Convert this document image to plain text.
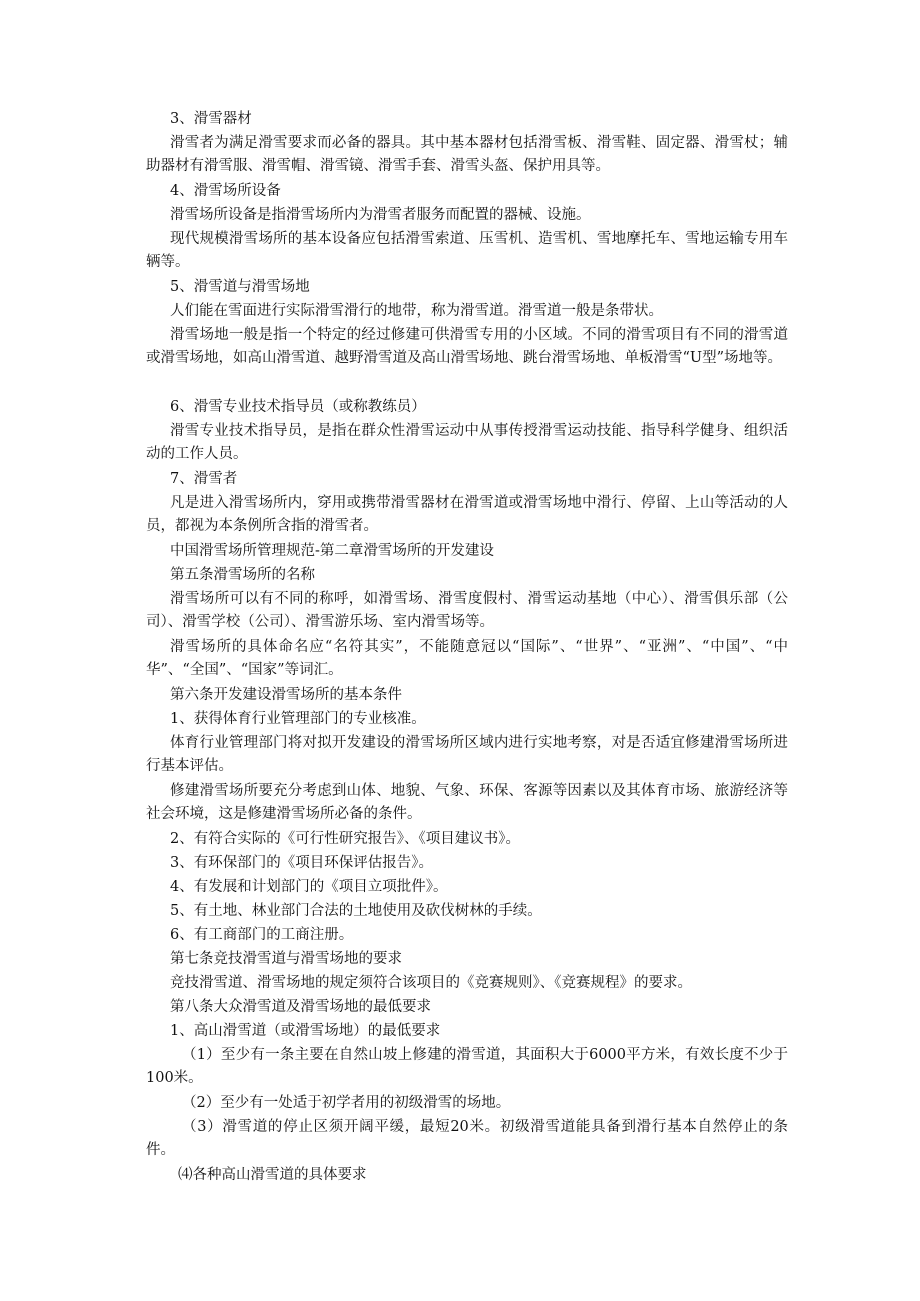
3、滑雪器材

滑雪者为满足滑雪要求而必备的器具。其中基本器材包括滑雪板、滑雪鞋、固定器、滑雪杖；辅助器材有滑雪服、滑雪帽、滑雪镜、滑雪手套、滑雪头盔、保护用具等。

4、滑雪场所设备

滑雪场所设备是指滑雪场所内为滑雪者服务而配置的器械、设施。

现代规模滑雪场所的基本设备应包括滑雪索道、压雪机、造雪机、雪地摩托车、雪地运输专用车辆等。

5、滑雪道与滑雪场地

人们能在雪面进行实际滑雪滑行的地带，称为滑雪道。滑雪道一般是条带状。

滑雪场地一般是指一个特定的经过修建可供滑雪专用的小区域。不同的滑雪项目有不同的滑雪道或滑雪场地，如高山滑雪道、越野滑雪道及高山滑雪场地、跳台滑雪场地、单板滑雪“U型”场地等。

6、滑雪专业技术指导员（或称教练员）

滑雪专业技术指导员，是指在群众性滑雪运动中从事传授滑雪运动技能、指导科学健身、组织活动的工作人员。

7、滑雪者

凡是进入滑雪场所内，穿用或携带滑雪器材在滑雪道或滑雪场地中滑行、停留、上山等活动的人员，都视为本条例所含指的滑雪者。

中国滑雪场所管理规范-第二章滑雪场所的开发建设

第五条滑雪场所的名称

滑雪场所可以有不同的称呼，如滑雪场、滑雪度假村、滑雪运动基地（中心）、滑雪俱乐部（公司）、滑雪学校（公司）、滑雪游乐场、室内滑雪场等。

滑雪场所的具体命名应“名符其实”，不能随意冠以“国际”、“世界”、“亚洲”、“中国”、“中华”、“全国”、“国家”等词汇。

第六条开发建设滑雪场所的基本条件

1、获得体育行业管理部门的专业核准。

体育行业管理部门将对拟开发建设的滑雪场所区域内进行实地考察，对是否适宜修建滑雪场所进行基本评估。

修建滑雪场所要充分考虑到山体、地貌、气象、环保、客源等因素以及其体育市场、旅游经济等社会环境，这是修建滑雪场所必备的条件。

2、有符合实际的《可行性研究报告》、《项目建议书》。

3、有环保部门的《项目环保评估报告》。

4、有发展和计划部门的《项目立项批件》。

5、有土地、林业部门合法的土地使用及砍伐树林的手续。

6、有工商部门的工商注册。

第七条竞技滑雪道与滑雪场地的要求

竞技滑雪道、滑雪场地的规定须符合该项目的《竞赛规则》、《竞赛规程》的要求。

第八条大众滑雪道及滑雪场地的最低要求

1、高山滑雪道（或滑雪场地）的最低要求

（1）至少有一条主要在自然山坡上修建的滑雪道，其面积大于6000平方米，有效长度不少于100米。

（2）至少有一处适于初学者用的初级滑雪的场地。

（3）滑雪道的停止区须开阔平缓，最短20米。初级滑雪道能具备到滑行基本自然停止的条件。

⑷各种高山滑雪道的具体要求
